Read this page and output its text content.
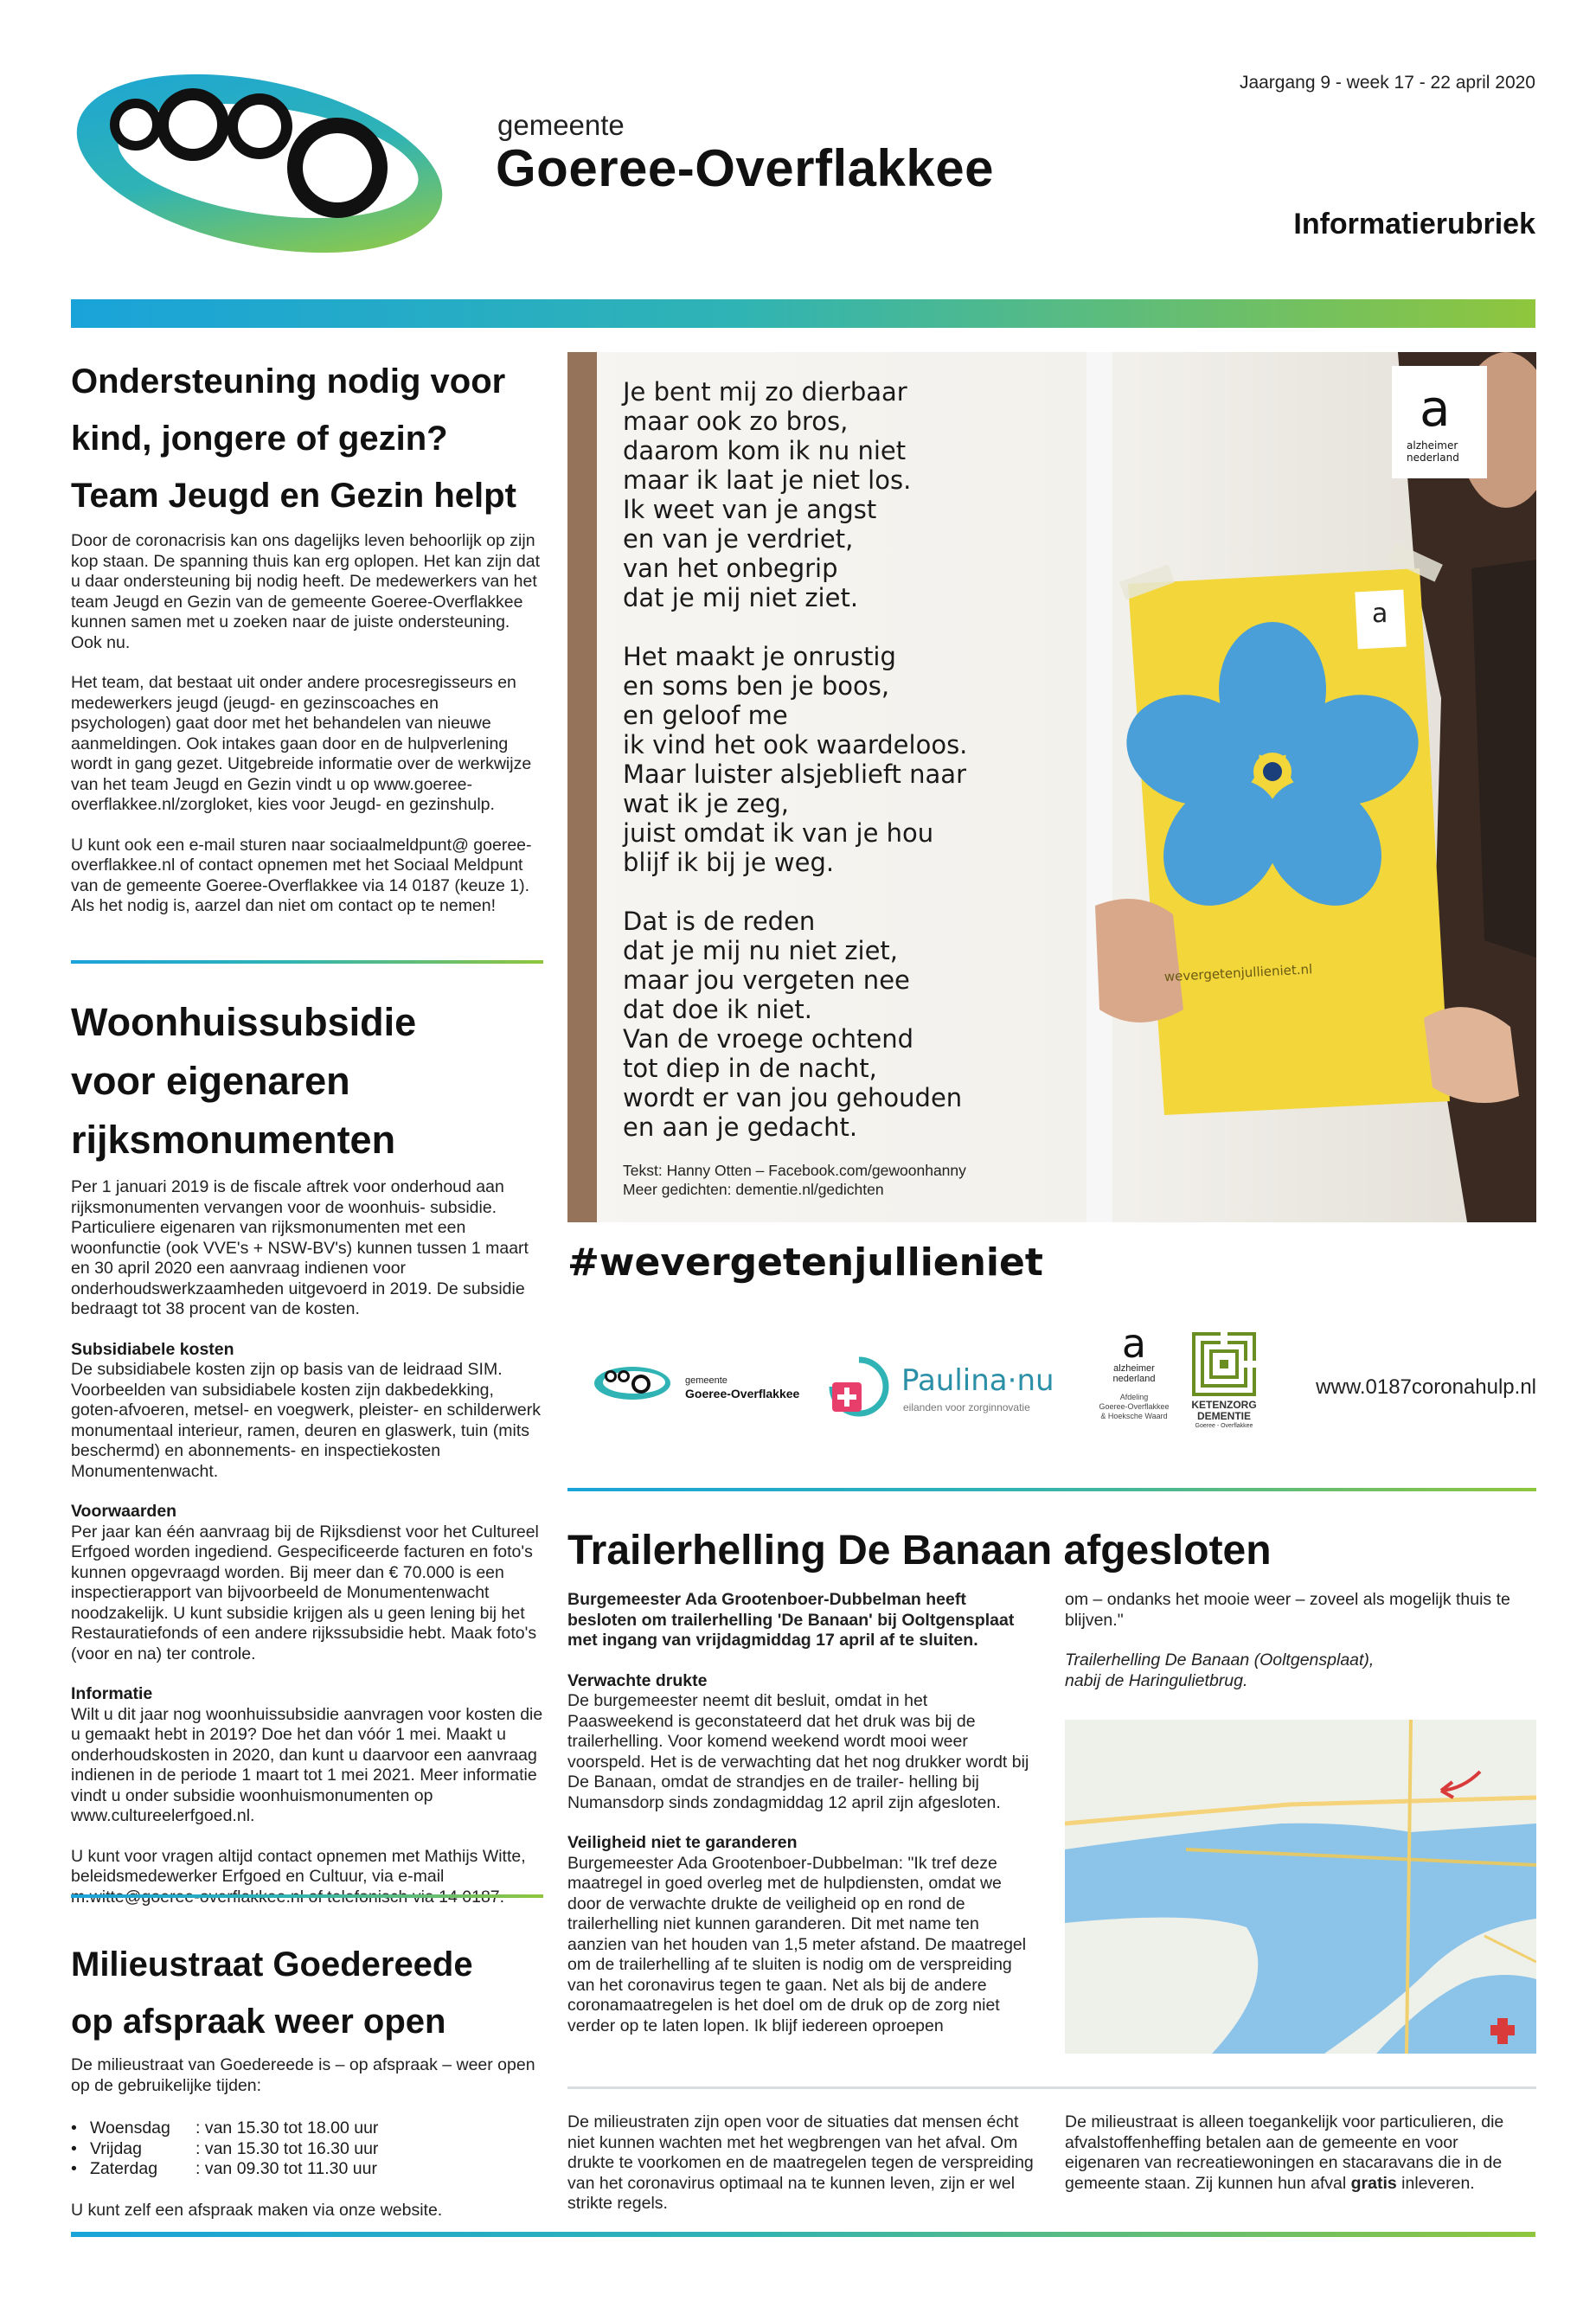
Jaargang 9 - week 17 - 22 april 2020
gemeente
Goeree-Overflakkee
Informatierubriek
Ondersteuning nodig voor
kind, jongere of gezin?
Team Jeugd en Gezin helpt

Door de coronacrisis kan ons dagelijks leven behoorlijk op zijn kop staan. De spanning thuis kan erg oplopen. Het kan zijn dat u daar ondersteuning bij nodig heeft. De medewerkers van het team Jeugd en Gezin van de gemeente Goeree-Overflakkee kunnen samen met u zoeken naar de juiste ondersteuning. Ook nu.

Het team, dat bestaat uit onder andere procesregisseurs en medewerkers jeugd (jeugd- en gezinscoaches en psychologen) gaat door met het behandelen van nieuwe aanmeldingen. Ook intakes gaan door en de hulpverlening wordt in gang gezet. Uitgebreide informatie over de werkwijze van het team Jeugd en Gezin vindt u op www.goeree-overflakkee.nl/zorgloket, kies voor Jeugd- en gezinshulp.

U kunt ook een e-mail sturen naar sociaalmeldpunt@ goeree-overflakkee.nl of contact opnemen met het Sociaal Meldpunt van de gemeente Goeree-Overflakkee via 14 0187 (keuze 1). Als het nodig is, aarzel dan niet om contact op te nemen!

Woonhuissubsidie
voor eigenaren
rijksmonumenten

Per 1 januari 2019 is de fiscale aftrek voor onderhoud aan rijksmonumenten vervangen voor de woonhuis- subsidie. Particuliere eigenaren van rijksmonumenten met een woonfunctie (ook VVE's + NSW-BV's) kunnen tussen 1 maart en 30 april 2020 een aanvraag indienen voor onderhoudswerkzaamheden uitgevoerd in 2019. De subsidie bedraagt tot 38 procent van de kosten.

Subsidiabele kosten

De subsidiabele kosten zijn op basis van de leidraad SIM. Voorbeelden van subsidiabele kosten zijn dakbedekking, goten-afvoeren, metsel- en voegwerk, pleister- en schilderwerk monumentaal interieur, ramen, deuren en glaswerk, tuin (mits beschermd) en abonnements- en inspectiekosten Monumentenwacht.

Voorwaarden

Per jaar kan één aanvraag bij de Rijksdienst voor het Cultureel Erfgoed worden ingediend. Gespecificeerde facturen en foto's kunnen opgevraagd worden. Bij meer dan € 70.000 is een inspectierapport van bijvoorbeeld de Monumentenwacht noodzakelijk. U kunt subsidie krijgen als u geen lening bij het Restauratiefonds of een andere rijkssubsidie hebt. Maak foto's (voor en na) ter controle.

Informatie

Wilt u dit jaar nog woonhuissubsidie aanvragen voor kosten die u gemaakt hebt in 2019? Doe het dan vóór 1 mei. Maakt u onderhoudskosten in 2020, dan kunt u daarvoor een aanvraag indienen in de periode 1 maart tot 1 mei 2021. Meer informatie vindt u onder subsidie woonhuismonumenten op www.cultureelerfgoed.nl.

U kunt voor vragen altijd contact opnemen met Mathijs Witte, beleidsmedewerker Erfgoed en Cultuur, via e-mail

Milieustraat Goedereede
op afspraak weer open

De milieustraat van Goedereede is – op afspraak – weer open op de gebruikelijke tijden:

• Woensdag	: van 15.30 tot 18.00 uur
• Vrijdag	: van 15.30 tot 16.30 uur
• Zaterdag	: van 09.30 tot 11.30 uur

U kunt zelf een afspraak maken via onze website.

a
a
alzheimer
nederland
wevergetenjullieniet.nl
Je bent mij zo dierbaar
maar ook zo bros,
daarom kom ik nu niet
maar ik laat je niet los.
Ik weet van je angst
en van je verdriet,
van het onbegrip
dat je mij niet ziet.
Het maakt je onrustig
en soms ben je boos,
en geloof me
ik vind het ook waardeloos.
Maar luister alsjeblieft naar
wat ik je zeg,
juist omdat ik van je hou
blijf ik bij je weg.
Dat is de reden
dat je mij nu niet ziet,
maar jou vergeten nee
dat doe ik niet.
Van de vroege ochtend
tot diep in de nacht,
wordt er van jou gehouden
en aan je gedacht.
Tekst: Hanny Otten – Facebook.com/gewoonhanny
Meer gedichten: dementie.nl/gedichten
#wevergetenjullieniet
gemeente
Goeree-Overflakkee	Paulina·nu
eilanden voor zorginnovatie
a
alzheimer
nederland
Afdeling
Goeree-Overflakkee
& Hoeksche Waard
KETENZORG
DEMENTIE
Goeree - Overflakkee
www.0187coronahulp.nl
Trailerhelling De Banaan afgesloten

Burgemeester Ada Grootenboer-Dubbelman heeft besloten om trailerhelling 'De Banaan' bij Ooltgensplaat met ingang van vrijdagmiddag 17 april af te sluiten.

Verwachte drukte

De burgemeester neemt dit besluit, omdat in het Paasweekend is geconstateerd dat het druk was bij de trailerhelling. Voor komend weekend wordt mooi weer voorspeld. Het is de verwachting dat het nog drukker wordt bij De Banaan, omdat de strandjes en de trailer- helling bij Numansdorp sinds zondagmiddag 12 april zijn afgesloten.

Veiligheid niet te garanderen

Burgemeester Ada Grootenboer-Dubbelman: "Ik tref deze maatregel in goed overleg met de hulpdiensten, omdat we door de verwachte drukte de veiligheid op en rond de trailerhelling niet kunnen garanderen. Dit met name ten aanzien van het houden van 1,5 meter afstand. De maatregel om de trailerhelling af te sluiten is nodig om de verspreiding van het coronavirus tegen te gaan. Net als bij de andere coronamaatregelen is het doel om de druk op de zorg niet verder op te laten lopen. Ik blijf iedereen oproepen

om – ondanks het mooie weer – zoveel als mogelijk thuis te blijven."

Trailerhelling De Banaan (Ooltgensplaat),
nabij de Haringulietbrug.

De milieustraten zijn open voor de situaties dat mensen écht niet kunnen wachten met het wegbrengen van het afval. Om drukte te voorkomen en de maatregelen tegen de verspreiding van het coronavirus optimaal na te kunnen leven, zijn er wel strikte regels.

De milieustraat is alleen toegankelijk voor particulieren, die afvalstoffenheffing betalen aan de gemeente en voor eigenaren van recreatiewoningen en stacaravans die in de gemeente staan. Zij kunnen hun afval gratis inleveren.
